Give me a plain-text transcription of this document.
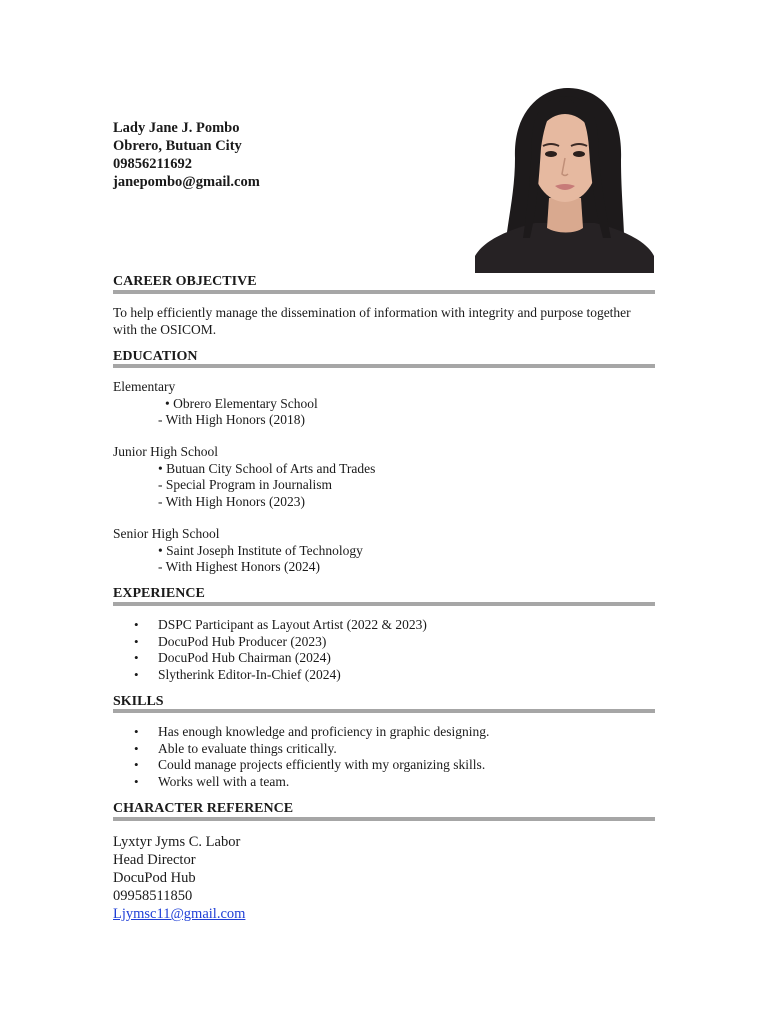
Lady Jane J. Pombo
Obrero, Butuan City
09856211692
janepombo@gmail.com
CAREER OBJECTIVE
To help efficiently manage the dissemination of information with integrity and purpose together with the OSICOM.
EDUCATION
Elementary
• Obrero Elementary School
- With High Honors (2018)
Junior High School
• Butuan City School of Arts and Trades
- Special Program in Journalism
- With High Honors (2023)
Senior High School
• Saint Joseph Institute of Technology
- With Highest Honors (2024)
EXPERIENCE
• DSPC Participant as Layout Artist (2022 & 2023)
• DocuPod Hub Producer (2023)
• DocuPod Hub Chairman (2024)
• Slytherink Editor-In-Chief (2024)
SKILLS
• Has enough knowledge and proficiency in graphic designing.
• Able to evaluate things critically.
• Could manage projects efficiently with my organizing skills.
• Works well with a team.
CHARACTER REFERENCE
Lyxtyr Jyms C. Labor
Head Director
DocuPod Hub
09958511850
Ljymsc11@gmail.com
